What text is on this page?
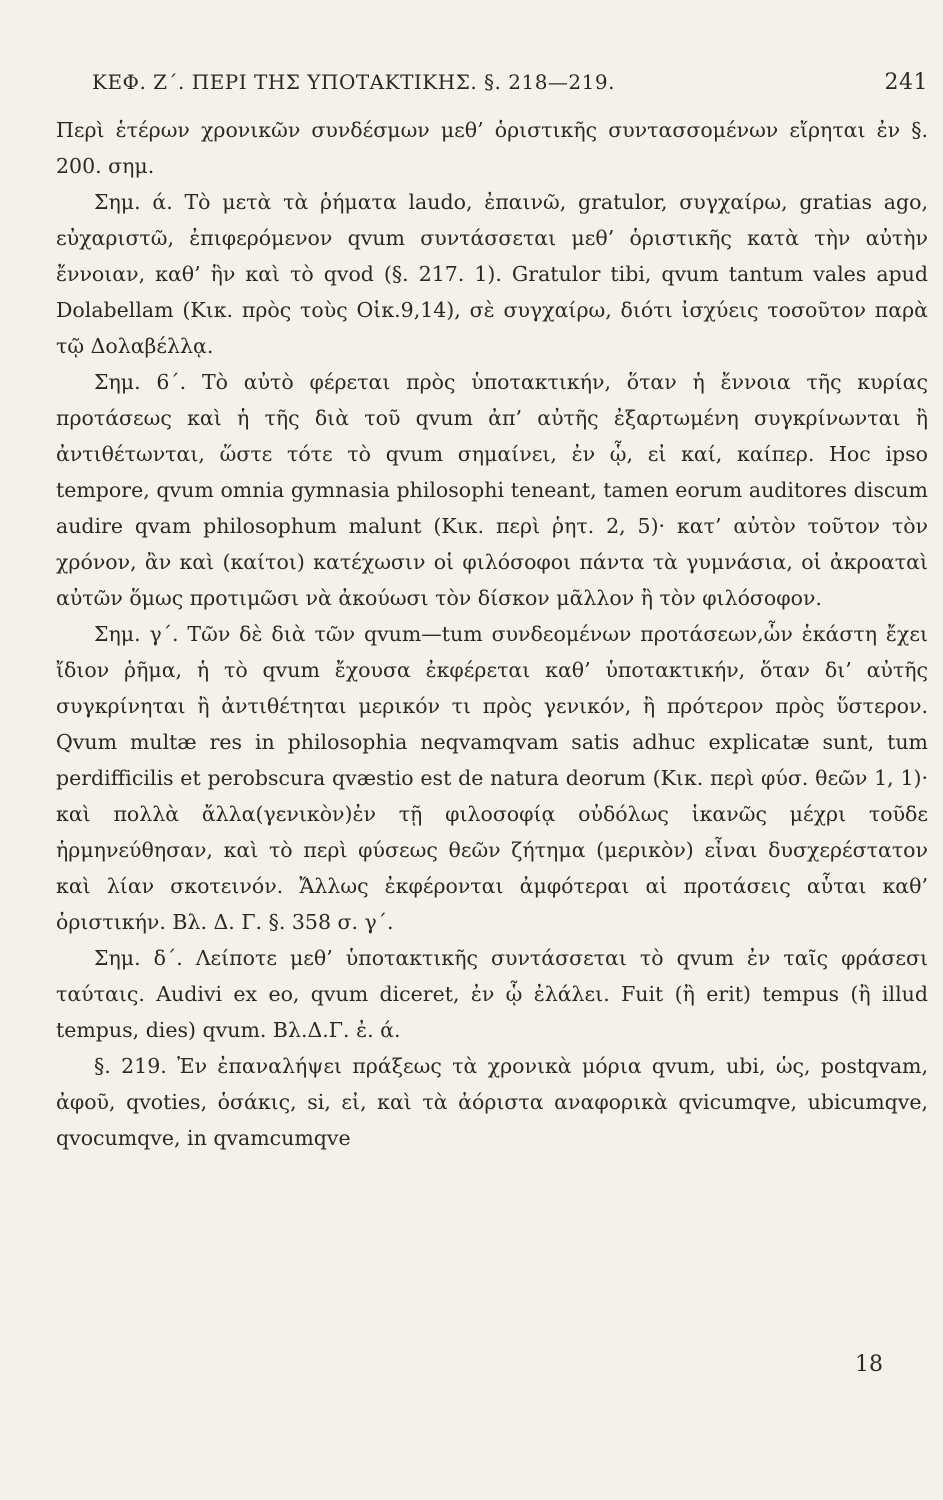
ΚΕΦ. Ζ΄. ΠΕΡΙ ΤΗΣ ΥΠΟΤΑΚΤΙΚΗΣ. §. 218—219.	241

Περὶ ἑτέρων χρονικῶν συνδέσμων μεθ’ ὁριστικῆς συντασσομένων εἴρηται ἐν §. 200. σημ.

Σημ. ά. Τὸ μετὰ τὰ ῥήματα laudo, ἐπαινῶ, gratulor, συγχαίρω, gratias ago, εὐχαριστῶ, ἐπιφερόμενον qvum συντάσσεται μεθ’ ὁριστικῆς κατὰ τὴν αὐτὴν ἔννοιαν, καθ’ ἣν καὶ τὸ qvod (§. 217. 1). Gratulor tibi, qvum tantum vales apud Dolabellam (Κικ. πρὸς τοὺς Οἰκ.9,14), σὲ συγχαίρω, διότι ἰσχύεις τοσοῦτον παρὰ τῷ Δολαβέλλᾳ.

Σημ. 6΄. Τὸ αὐτὸ φέρεται πρὸς ὑποτακτικήν, ὅταν ἡ ἔννοια τῆς κυρίας προτάσεως καὶ ἡ τῆς διὰ τοῦ qvum ἀπ’ αὐτῆς ἐξαρτωμένη συγκρίνωνται ἢ ἀντιθέτωνται, ὥστε τότε τὸ qvum σημαίνει, ἐν ᾧ, εἰ καί, καίπερ. Hoc ipso tempore, qvum omnia gymnasia philosophi teneant, tamen eorum auditores discum audire qvam philosophum malunt (Κικ. περὶ ῥητ. 2, 5)· κατ’ αὐτὸν τοῦτον τὸν χρόνον, ἂν καὶ (καίτοι) κατέχωσιν οἱ φιλόσοφοι πάντα τὰ γυμνάσια, οἱ ἀκροαταὶ αὐτῶν ὅμως προτιμῶσι νὰ ἀκούωσι τὸν δίσκον μᾶλλον ἢ τὸν φιλόσοφον.

Σημ. γ΄. Τῶν δὲ διὰ τῶν qvum—tum συνδεομένων προτάσεων,ὧν ἑκάστη ἔχει ἴδιον ῥῆμα, ἡ τὸ qvum ἔχουσα ἐκφέρεται καθ’ ὑποτακτικήν, ὅταν δι’ αὐτῆς συγκρίνηται ἢ ἀντιθέτηται μερικόν τι πρὸς γενικόν, ἢ πρότερον πρὸς ὕστερον. Qvum multæ res in philosophia neqvamqvam satis adhuc explicatæ sunt, tum perdifficilis et perobscura qvæstio est de natura deorum (Κικ. περὶ φύσ. θεῶν 1, 1)· καὶ πολλὰ ἄλλα(γενικὸν)ἐν τῇ φιλοσοφίᾳ οὐδόλως ἱκανῶς μέχρι τοῦδε ἡρμηνεύθησαν, καὶ τὸ περὶ φύσεως θεῶν ζήτημα (μερικὸν) εἶναι δυσχερέστατον καὶ λίαν σκοτεινόν. Ἄλλως ἐκφέρονται ἀμφότεραι αἱ προτάσεις αὗται καθ’ ὁριστικήν. Βλ. Δ. Γ. §. 358 σ. γ΄.

Σημ. δ΄. Λείποτε μεθ’ ὑποτακτικῆς συντάσσεται τὸ qvum ἐν ταῖς φράσεσι ταύταις. Audivi ex eo, qvum diceret, ἐν ᾧ ἐλάλει. Fuit (ἢ erit) tempus (ἢ illud tempus, dies) qvum. Βλ.Δ.Γ. ἐ. ά.

§. 219. Ἐν ἐπαναλήψει πράξεως τὰ χρονικὰ μόρια qvum, ubi, ὡς, postqvam, ἀφοῦ, qvoties, ὁσάκις, si, εἰ, καὶ τὰ ἀόριστα αναφορικὰ qvicumqve, ubicumqve, qvocumqve, in qvamcumqve

18
